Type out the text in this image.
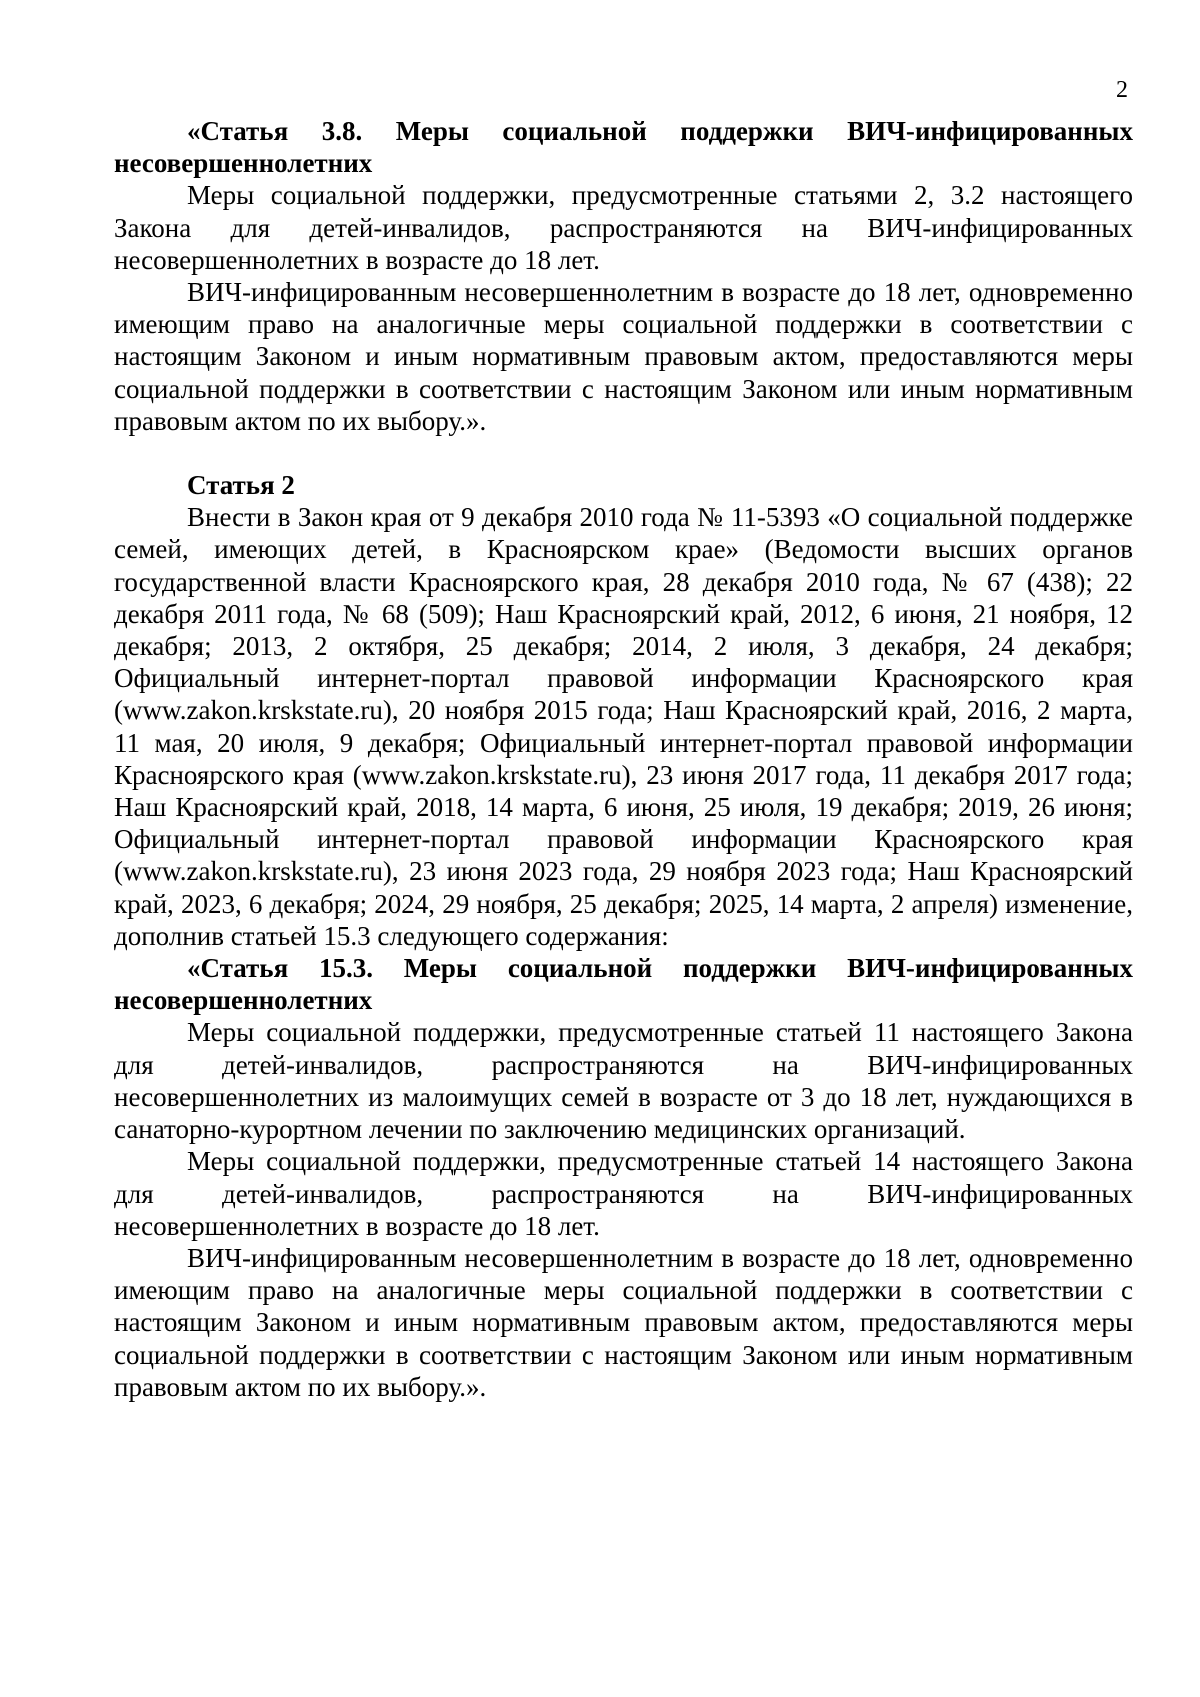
2

«Статья 3.8. Меры социальной поддержки ВИЧ-инфицированных несовершеннолетних

Меры социальной поддержки, предусмотренные статьями 2, 3.2 настоящего Закона для детей-инвалидов, распространяются на ВИЧ-инфицированных несовершеннолетних в возрасте до 18 лет.

ВИЧ-инфицированным несовершеннолетним в возрасте до 18 лет, одновременно имеющим право на аналогичные меры социальной поддержки в соответствии с настоящим Законом и иным нормативным правовым актом, предоставляются меры социальной поддержки в соответствии с настоящим Законом или иным нормативным правовым актом по их выбору.».

Статья 2

Внести в Закон края от 9 декабря 2010 года № 11-5393 «О социальной поддержке семей, имеющих детей, в Красноярском крае» (Ведомости высших органов государственной власти Красноярского края, 28 декабря 2010 года, № 67 (438); 22 декабря 2011 года, № 68 (509); Наш Красноярский край, 2012, 6 июня, 21 ноября, 12 декабря; 2013, 2 октября, 25 декабря; 2014, 2 июля, 3 декабря, 24 декабря; Официальный интернет-портал правовой информации Красноярского края (www.zakon.krskstate.ru), 20 ноября 2015 года; Наш Красноярский край, 2016, 2 марта, 11 мая, 20 июля, 9 декабря; Официальный интернет-портал правовой информации Красноярского края (www.zakon.krskstate.ru), 23 июня 2017 года, 11 декабря 2017 года; Наш Красноярский край, 2018, 14 марта, 6 июня, 25 июля, 19 декабря; 2019, 26 июня; Официальный интернет-портал правовой информации Красноярского края (www.zakon.krskstate.ru), 23 июня 2023 года, 29 ноября 2023 года; Наш Красноярский край, 2023, 6 декабря; 2024, 29 ноября, 25 декабря; 2025, 14 марта, 2 апреля) изменение, дополнив статьей 15.3 следующего содержания:

«Статья 15.3. Меры социальной поддержки ВИЧ-инфицированных несовершеннолетних

Меры социальной поддержки, предусмотренные статьей 11 настоящего Закона для детей-инвалидов, распространяются на ВИЧ-инфицированных несовершеннолетних из малоимущих семей в возрасте от 3 до 18 лет, нуждающихся в санаторно-курортном лечении по заключению медицинских организаций.

Меры социальной поддержки, предусмотренные статьей 14 настоящего Закона для детей-инвалидов, распространяются на ВИЧ-инфицированных несовершеннолетних в возрасте до 18 лет.

ВИЧ-инфицированным несовершеннолетним в возрасте до 18 лет, одновременно имеющим право на аналогичные меры социальной поддержки в соответствии с настоящим Законом и иным нормативным правовым актом, предоставляются меры социальной поддержки в соответствии с настоящим Законом или иным нормативным правовым актом по их выбору.».
